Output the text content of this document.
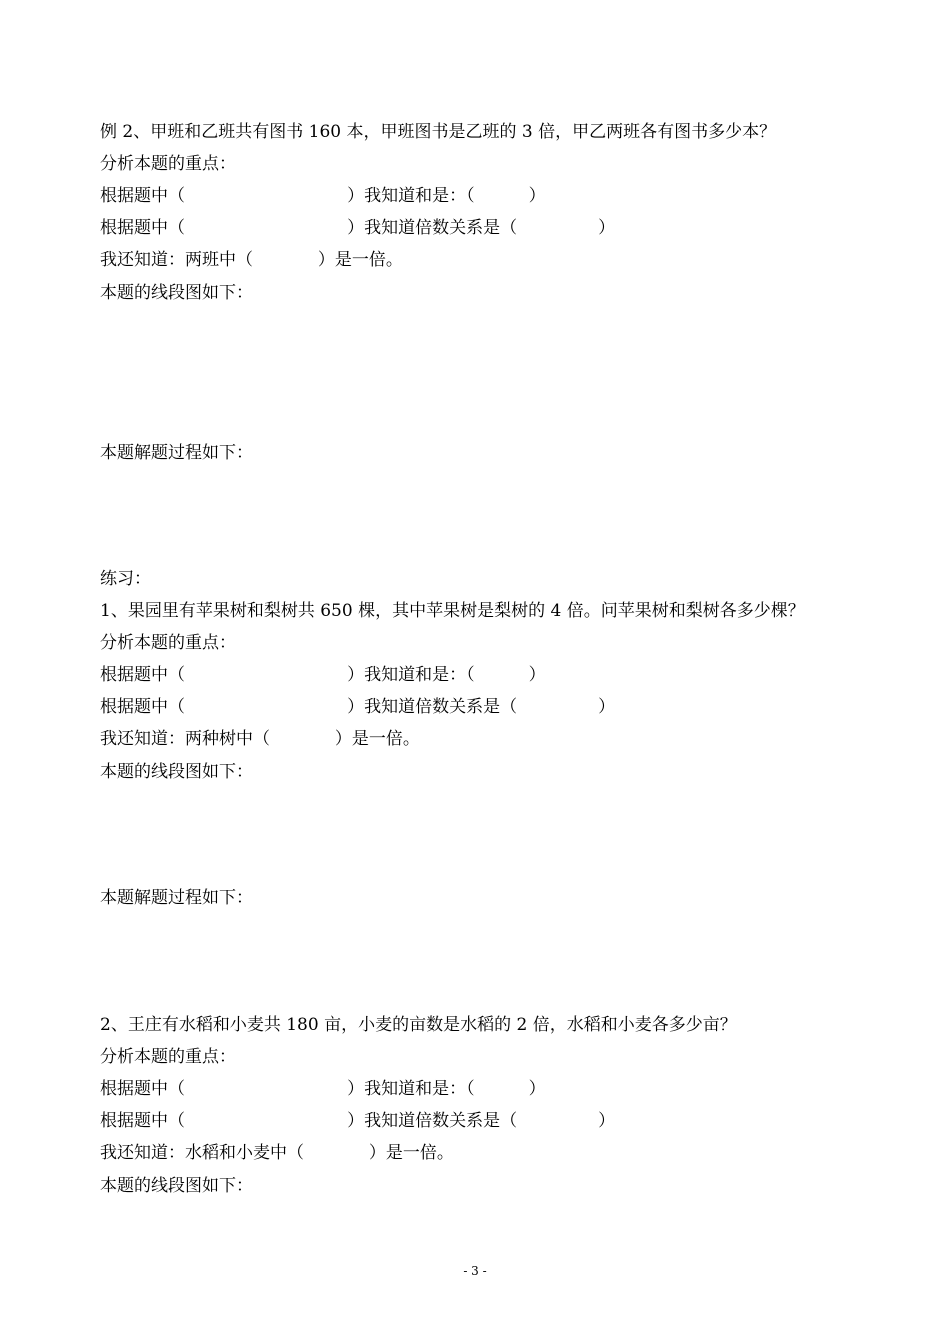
例 2、甲班和乙班共有图书 160 本，甲班图书是乙班的 3 倍，甲乙两班各有图书多少本？
分析本题的重点：
根据题中（                              ）我知道和是：（          ）
根据题中（                              ）我知道倍数关系是（               ）
我还知道：两班中（            ）是一倍。
本题的线段图如下：
本题解题过程如下：
练习：
1、果园里有苹果树和梨树共 650 棵，其中苹果树是梨树的 4 倍。问苹果树和梨树各多少棵？
分析本题的重点：
根据题中（                              ）我知道和是：（          ）
根据题中（                              ）我知道倍数关系是（               ）
我还知道：两种树中（            ）是一倍。
本题的线段图如下：
本题解题过程如下：
2、王庄有水稻和小麦共 180 亩，小麦的亩数是水稻的 2 倍，水稻和小麦各多少亩？
分析本题的重点：
根据题中（                              ）我知道和是：（          ）
根据题中（                              ）我知道倍数关系是（               ）
我还知道：水稻和小麦中（            ）是一倍。
本题的线段图如下：
- 3 -
